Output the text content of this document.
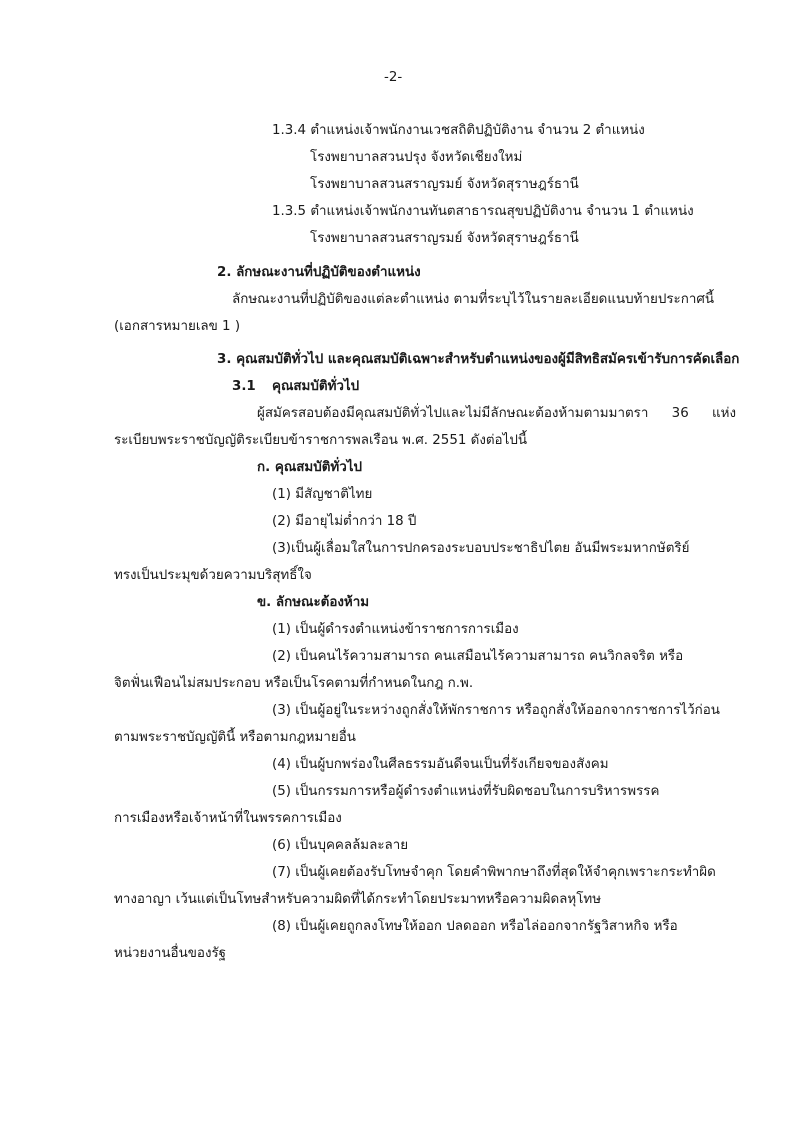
-2-
1.3.4 ตำแหน่งเจ้าพนักงานเวชสถิติปฏิบัติงาน จำนวน 2 ตำแหน่ง
โรงพยาบาลสวนปรุง จังหวัดเชียงใหม่
โรงพยาบาลสวนสราญรมย์ จังหวัดสุราษฎร์ธานี
1.3.5 ตำแหน่งเจ้าพนักงานทันตสาธารณสุขปฏิบัติงาน จำนวน 1 ตำแหน่ง
โรงพยาบาลสวนสราญรมย์ จังหวัดสุราษฎร์ธานี
2. ลักษณะงานที่ปฏิบัติของตำแหน่ง
ลักษณะงานที่ปฏิบัติของแต่ละตำแหน่ง ตามที่ระบุไว้ในรายละเอียดแนบท้ายประกาศนี้
(เอกสารหมายเลข 1 )
3. คุณสมบัติทั่วไป และคุณสมบัติเฉพาะสำหรับตำแหน่งของผู้มีสิทธิสมัครเข้ารับการคัดเลือก
3.1 คุณสมบัติทั่วไป
ผู้สมัครสอบต้องมีคุณสมบัติทั่วไปและไม่มีลักษณะต้องห้ามตามมาตรา 36 แห่ง
ระเบียบพระราชบัญญัติระเบียบข้าราชการพลเรือน พ.ศ. 2551 ดังต่อไปนี้
ก. คุณสมบัติทั่วไป
(1) มีสัญชาติไทย
(2) มีอายุไม่ต่ำกว่า 18 ปี
(3)เป็นผู้เลื่อมใสในการปกครองระบอบประชาธิปไตย อันมีพระมหากษัตริย์
ทรงเป็นประมุขด้วยความบริสุทธิ์ใจ
ข. ลักษณะต้องห้าม
(1) เป็นผู้ดำรงตำแหน่งข้าราชการการเมือง
(2) เป็นคนไร้ความสามารถ คนเสมือนไร้ความสามารถ คนวิกลจริต หรือ
จิตฟั่นเฟือนไม่สมประกอบ หรือเป็นโรคตามที่กำหนดในกฎ ก.พ.
(3) เป็นผู้อยู่ในระหว่างถูกสั่งให้พักราชการ หรือถูกสั่งให้ออกจากราชการไว้ก่อน
ตามพระราชบัญญัตินี้ หรือตามกฎหมายอื่น
(4) เป็นผู้บกพร่องในศีลธรรมอันดีจนเป็นที่รังเกียจของสังคม
(5) เป็นกรรมการหรือผู้ดำรงตำแหน่งที่รับผิดชอบในการบริหารพรรค
การเมืองหรือเจ้าหน้าที่ในพรรคการเมือง
(6) เป็นบุคคลล้มละลาย
(7) เป็นผู้เคยต้องรับโทษจำคุก โดยคำพิพากษาถึงที่สุดให้จำคุกเพราะกระทำผิด
ทางอาญา เว้นแต่เป็นโทษสำหรับความผิดที่ได้กระทำโดยประมาทหรือความผิดลหุโทษ
(8) เป็นผู้เคยถูกลงโทษให้ออก ปลดออก หรือไล่ออกจากรัฐวิสาหกิจ หรือ
หน่วยงานอื่นของรัฐ
